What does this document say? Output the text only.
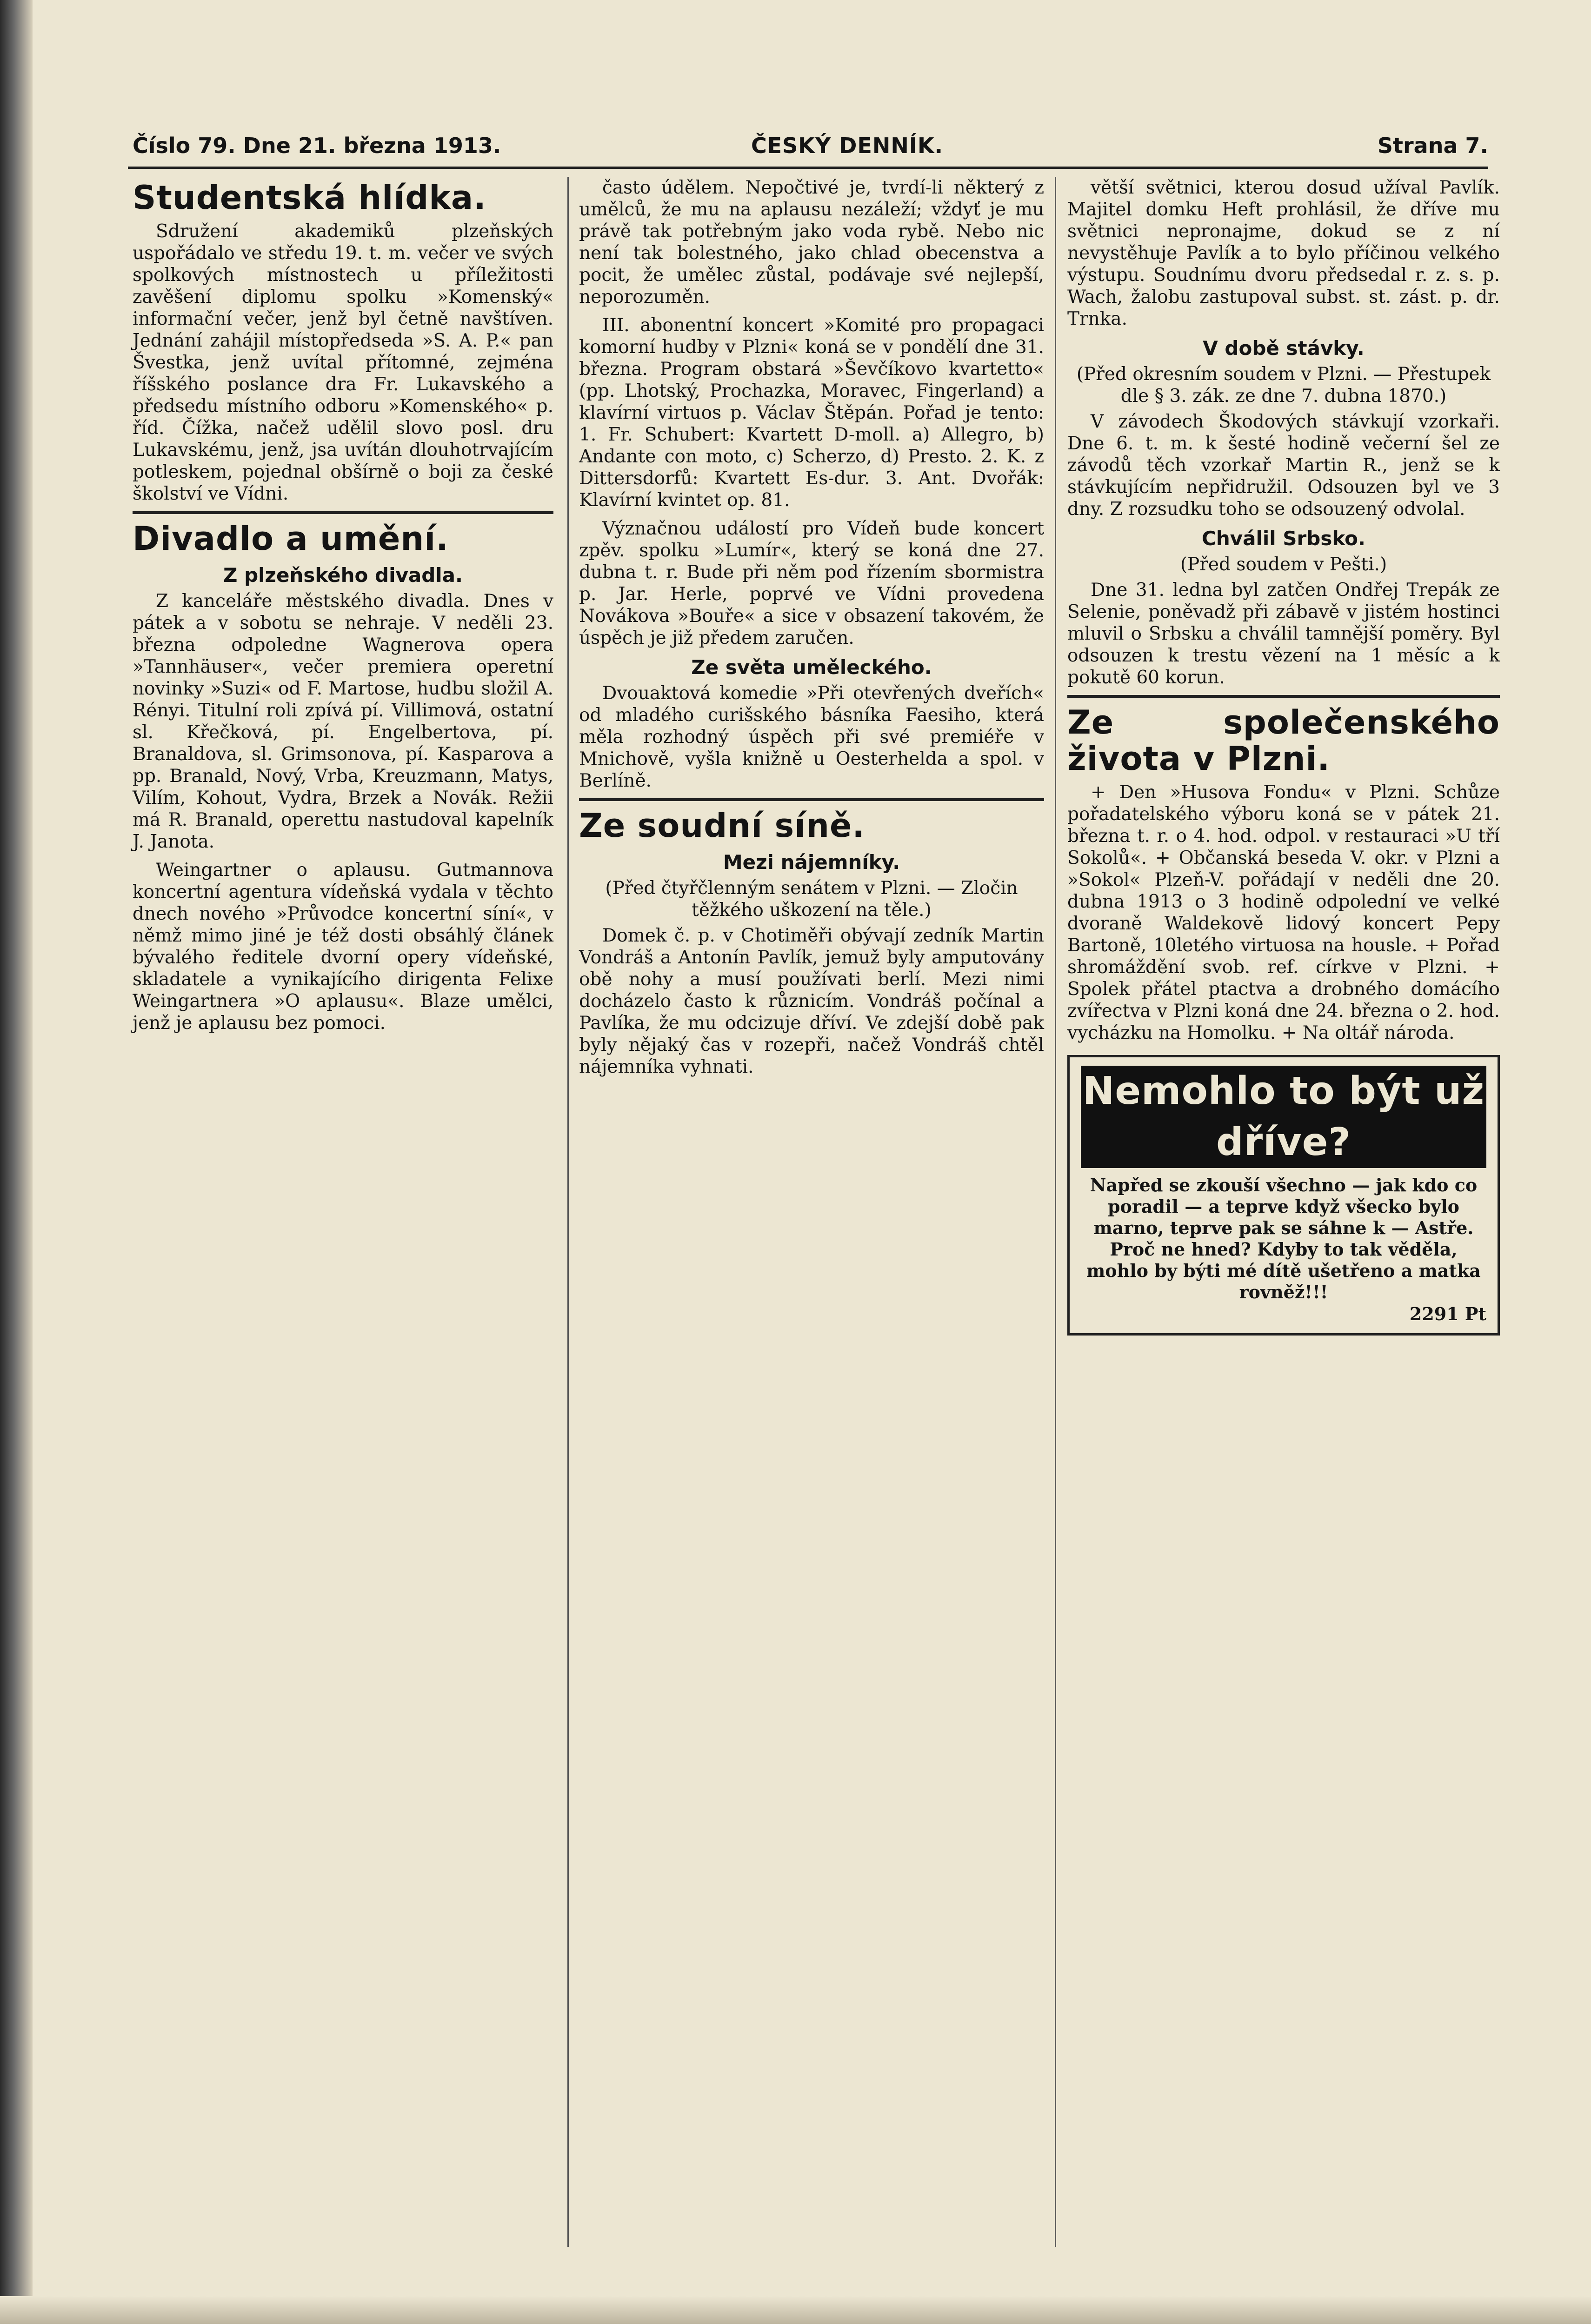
Číslo 79. Dne 21. března 1913.	ČESKÝ DENNÍK.	Strana 7.
Studentská hlídka.

Sdružení akademiků plzeňských uspořádalo ve středu 19. t. m. večer ve svých spolkových místnostech u příležitosti zavěšení diplomu spolku »Komenský« informační večer, jenž byl četně navštíven. Jednání zahájil místopředseda »S. A. P.« pan Švestka, jenž uvítal přítomné, zejména říšského poslance dra Fr. Lukavského a předsedu místního odboru »Komenského« p. říd. Čížka, načež udělil slovo posl. dru Lukavskému, jenž, jsa uvítán dlouhotrvajícím potleskem, pojednal obšírně o boji za české školství ve Vídni.

Divadlo a umění.
Z plzeňského divadla.

Z kanceláře městského divadla. Dnes v pátek a v sobotu se nehraje. V neděli 23. března odpoledne Wagnerova opera »Tannhäuser«, večer premiera operetní novinky »Suzi« od F. Martose, hudbu složil A. Rényi. Titulní roli zpívá pí. Villimová, ostatní sl. Křečková, pí. Engelbertova, pí. Branaldova, sl. Grimsonova, pí. Kasparova a pp. Branald, Nový, Vrba, Kreuzmann, Matys, Vilím, Kohout, Vydra, Brzek a Novák. Režii má R. Branald, operettu nastudoval kapelník J. Janota.

Weingartner o aplausu. Gutmannova koncertní agentura vídeňská vydala v těchto dnech nového »Průvodce koncertní síní«, v němž mimo jiné je též dosti obsáhlý článek bývalého ředitele dvorní opery vídeňské, skladatele a vynikajícího dirigenta Felixe Weingartnera »O aplausu«. Blaze umělci, jenž je aplausu bez pomoci.

často údělem. Nepočtivé je, tvrdí-li některý z umělců, že mu na aplausu nezáleží; vždyť je mu právě tak potřebným jako voda rybě. Nebo nic není tak bolestného, jako chlad obecenstva a pocit, že umělec zůstal, podávaje své nejlepší, neporozuměn.

III. abonentní koncert »Komité pro propagaci komorní hudby v Plzni« koná se v pondělí dne 31. března. Program obstará »Ševčíkovo kvartetto« (pp. Lhotský, Prochazka, Moravec, Fingerland) a klavírní virtuos p. Václav Štěpán. Pořad je tento: 1. Fr. Schubert: Kvartett D-moll. a) Allegro, b) Andante con moto, c) Scherzo, d) Presto. 2. K. z Dittersdorfů: Kvartett Es-dur. 3. Ant. Dvořák: Klavírní kvintet op. 81.

Význačnou událostí pro Vídeň bude koncert zpěv. spolku »Lumír«, který se koná dne 27. dubna t. r. Bude při něm pod řízením sbormistra p. Jar. Herle, poprvé ve Vídni provedena Novákova »Bouře« a sice v obsazení takovém, že úspěch je již předem zaručen.

Ze světa uměleckého.

Dvouaktová komedie »Při otevřených dveřích« od mladého curišského básníka Faesiho, která měla rozhodný úspěch při své premiéře v Mnichově, vyšla knižně u Oesterhelda a spol. v Berlíně.

Ze soudní síně.
Mezi nájemníky.
(Před čtyřčlenným senátem v Plzni. — Zločin těžkého uškození na těle.)

Domek č. p. v Chotiměři obývají zedník Martin Vondráš a Antonín Pavlík, jemuž byly amputovány obě nohy a musí používati berlí. Mezi nimi docházelo často k různicím. Vondráš počínal a Pavlíka, že mu odcizuje dříví. Ve zdejší době pak byly nějaký čas v rozepři, načež Vondráš chtěl nájemníka vyhnati.

větší světnici, kterou dosud užíval Pavlík. Majitel domku Heft prohlásil, že dříve mu světnici nepronajme, dokud se z ní nevystěhuje Pavlík a to bylo příčinou velkého výstupu. Soudnímu dvoru předsedal r. z. s. p. Wach, žalobu zastupoval subst. st. zást. p. dr. Trnka.

V době stávky.
(Před okresním soudem v Plzni. — Přestupek dle § 3. zák. ze dne 7. dubna 1870.)

V závodech Škodových stávkují vzorkaři. Dne 6. t. m. k šesté hodině večerní šel ze závodů těch vzorkař Martin R., jenž se k stávkujícím nepřidružil. Odsouzen byl ve 3 dny. Z rozsudku toho se odsouzený odvolal.

Chválil Srbsko.
(Před soudem v Pešti.)

Dne 31. ledna byl zatčen Ondřej Trepák ze Selenie, poněvadž při zábavě v jistém hostinci mluvil o Srbsku a chválil tamnější poměry. Byl odsouzen k trestu vězení na 1 měsíc a k pokutě 60 korun.

Ze společenského života v Plzni.

+ Den »Husova Fondu« v Plzni. Schůze pořadatelského výboru koná se v pátek 21. března t. r. o 4. hod. odpol. v restauraci »U tří Sokolů«. + Občanská beseda V. okr. v Plzni a »Sokol« Plzeň-V. pořádají v neděli dne 20. dubna 1913 o 3 hodině odpolední ve velké dvoraně Waldekově lidový koncert Pepy Bartoně, 10letého virtuosa na housle. + Pořad shromáždění svob. ref. církve v Plzni. + Spolek přátel ptactva a drobného domácího zvířectva v Plzni koná dne 24. března o 2. hod. vycházku na Homolku. + Na oltář národa.

Nemohlo to být už dříve?
Napřed se zkouší všechno — jak kdo co poradil — a teprve když všecko bylo marno, teprve pak se sáhne k — Astře. Proč ne hned? Kdyby to tak věděla, mohlo by býti mé dítě ušetřeno a matka rovněž!!!
2291 Pt
